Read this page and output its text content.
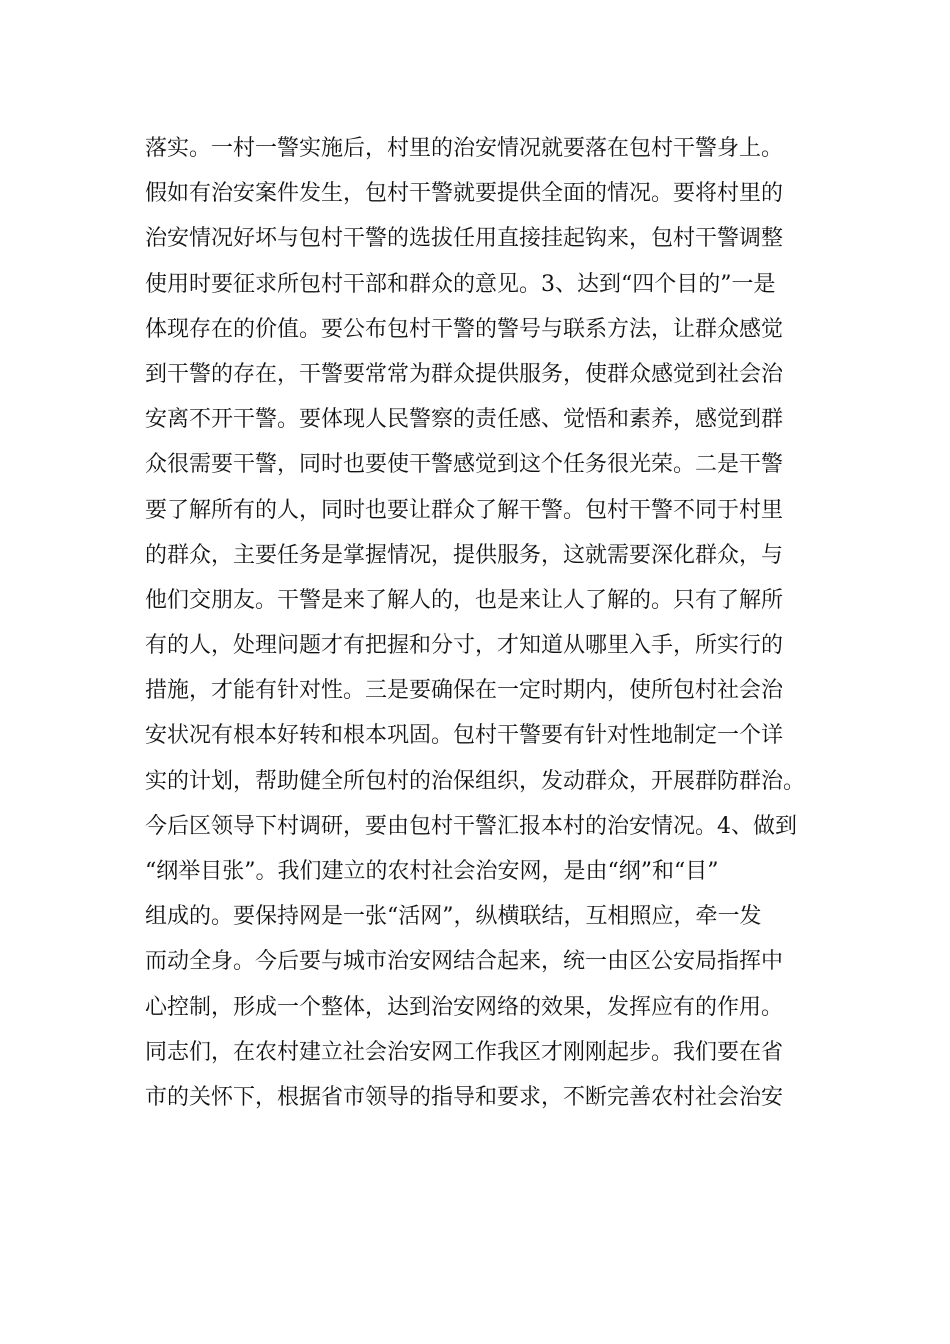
落实。一村一警实施后，村里的治安情况就要落在包村干警身上。
假如有治安案件发生，包村干警就要提供全面的情况。要将村里的
治安情况好坏与包村干警的选拔任用直接挂起钩来，包村干警调整
使用时要征求所包村干部和群众的意见。3、达到“四个目的”一是
体现存在的价值。要公布包村干警的警号与联系方法，让群众感觉
到干警的存在，干警要常常为群众提供服务，使群众感觉到社会治
安离不开干警。要体现人民警察的责任感、觉悟和素养，感觉到群
众很需要干警，同时也要使干警感觉到这个任务很光荣。二是干警
要了解所有的人，同时也要让群众了解干警。包村干警不同于村里
的群众，主要任务是掌握情况，提供服务，这就需要深化群众，与
他们交朋友。干警是来了解人的，也是来让人了解的。只有了解所
有的人，处理问题才有把握和分寸，才知道从哪里入手，所实行的
措施，才能有针对性。三是要确保在一定时期内，使所包村社会治
安状况有根本好转和根本巩固。包村干警要有针对性地制定一个详
实的计划，帮助健全所包村的治保组织，发动群众，开展群防群治。
今后区领导下村调研，要由包村干警汇报本村的治安情况。4、做到
“纲举目张”。我们建立的农村社会治安网，是由“纲”和“目”
组成的。要保持网是一张“活网”，纵横联结，互相照应，牵一发
而动全身。今后要与城市治安网结合起来，统一由区公安局指挥中
心控制，形成一个整体，达到治安网络的效果，发挥应有的作用。
同志们，在农村建立社会治安网工作我区才刚刚起步。我们要在省
市的关怀下，根据省市领导的指导和要求，不断完善农村社会治安
